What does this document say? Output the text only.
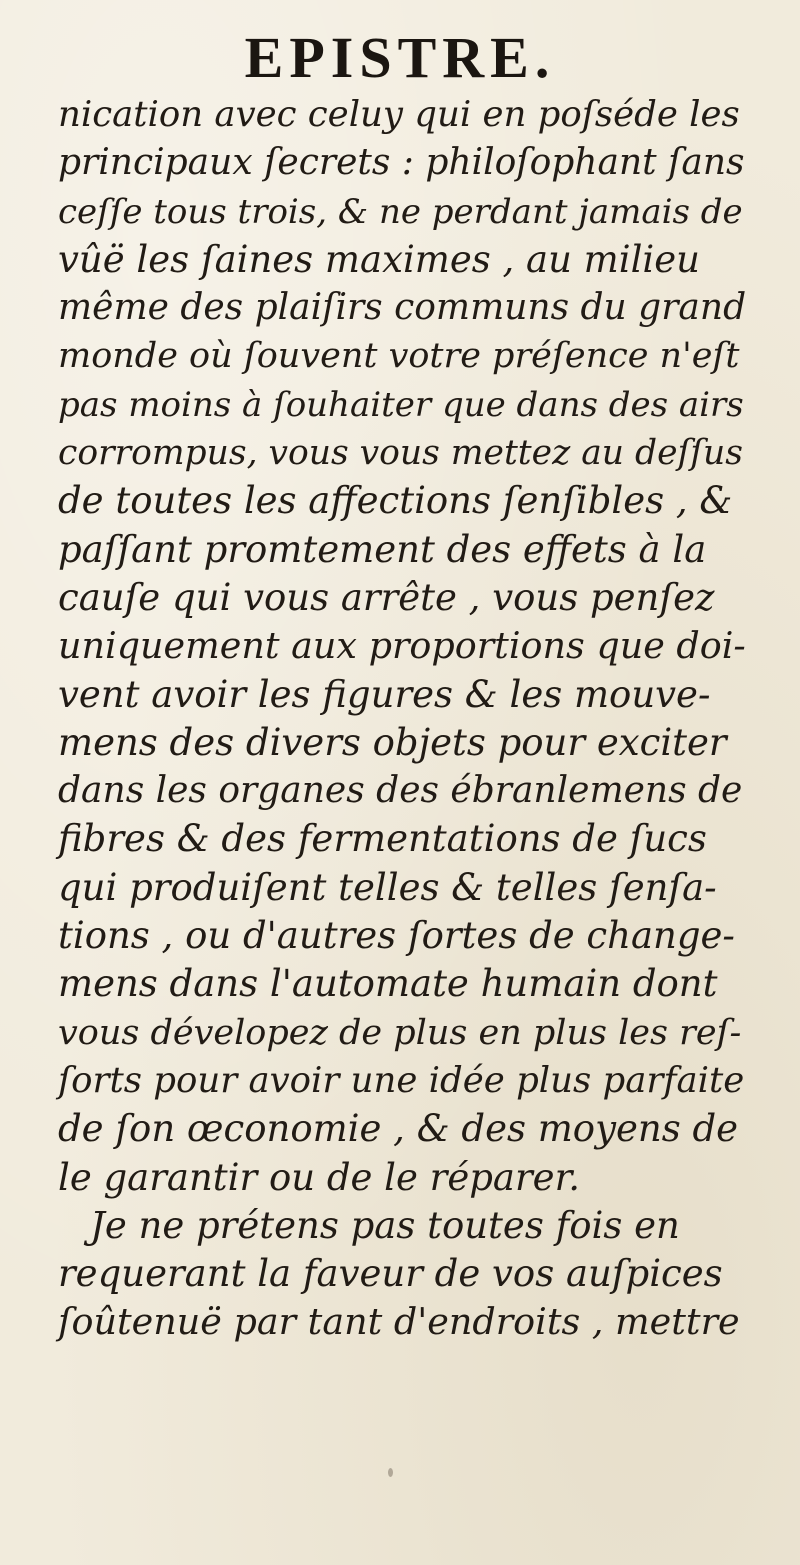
EPISTRE.
nication avec celuy qui en poſséde les
principaux ſecrets : philoſophant ſans
ceſſe tous trois, & ne perdant jamais de
vûë les ſaines maximes , au milieu
même des plaiſirs communs du grand
monde où ſouvent votre préſence n'eſt
pas moins à ſouhaiter que dans des airs
corrompus, vous vous mettez au deſſus
de toutes les affections ſenſibles , &
paſſant promtement des effets à la
cauſe qui vous arrête , vous penſez
uniquement aux proportions que doi-
vent avoir les figures & les mouve-
mens des divers objets pour exciter
dans les organes des ébranlemens de
fibres & des fermentations de ſucs
qui produiſent telles & telles ſenſa-
tions , ou d'autres ſortes de change-
mens dans l'automate humain dont
vous dévelopez de plus en plus les reſ-
ſorts pour avoir une idée plus parfaite
de ſon œconomie , & des moyens de
le garantir ou de le réparer.
Je ne prétens pas toutes fois en
requerant la faveur de vos auſpices
ſoûtenuë par tant d'endroits , mettre
